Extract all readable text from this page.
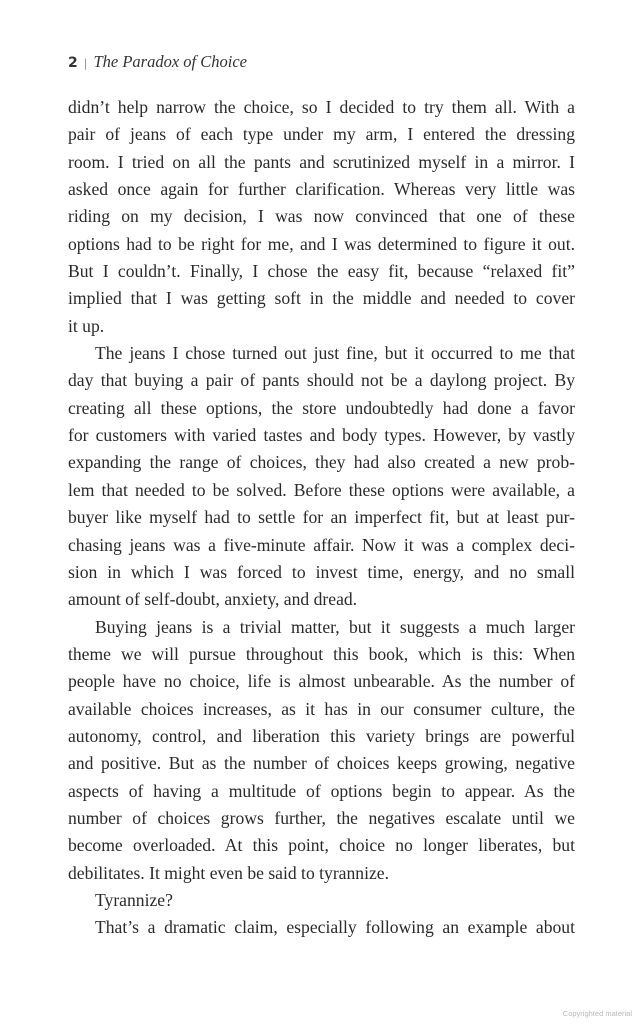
2 | The Paradox of Choice
didn’t help narrow the choice, so I decided to try them all. With a
pair of jeans of each type under my arm, I entered the dressing
room. I tried on all the pants and scrutinized myself in a mirror. I
asked once again for further clarification. Whereas very little was
riding on my decision, I was now convinced that one of these
options had to be right for me, and I was determined to figure it out.
But I couldn’t. Finally, I chose the easy fit, because “relaxed fit”
implied that I was getting soft in the middle and needed to cover
it up.
The jeans I chose turned out just fine, but it occurred to me that
day that buying a pair of pants should not be a daylong project. By
creating all these options, the store undoubtedly had done a favor
for customers with varied tastes and body types. However, by vastly
expanding the range of choices, they had also created a new prob-
lem that needed to be solved. Before these options were available, a
buyer like myself had to settle for an imperfect fit, but at least pur-
chasing jeans was a five-minute affair. Now it was a complex deci-
sion in which I was forced to invest time, energy, and no small
amount of self-doubt, anxiety, and dread.
Buying jeans is a trivial matter, but it suggests a much larger
theme we will pursue throughout this book, which is this: When
people have no choice, life is almost unbearable. As the number of
available choices increases, as it has in our consumer culture, the
autonomy, control, and liberation this variety brings are powerful
and positive. But as the number of choices keeps growing, negative
aspects of having a multitude of options begin to appear. As the
number of choices grows further, the negatives escalate until we
become overloaded. At this point, choice no longer liberates, but
debilitates. It might even be said to tyrannize.
Tyrannize?
That’s a dramatic claim, especially following an example about
Copyrighted material
